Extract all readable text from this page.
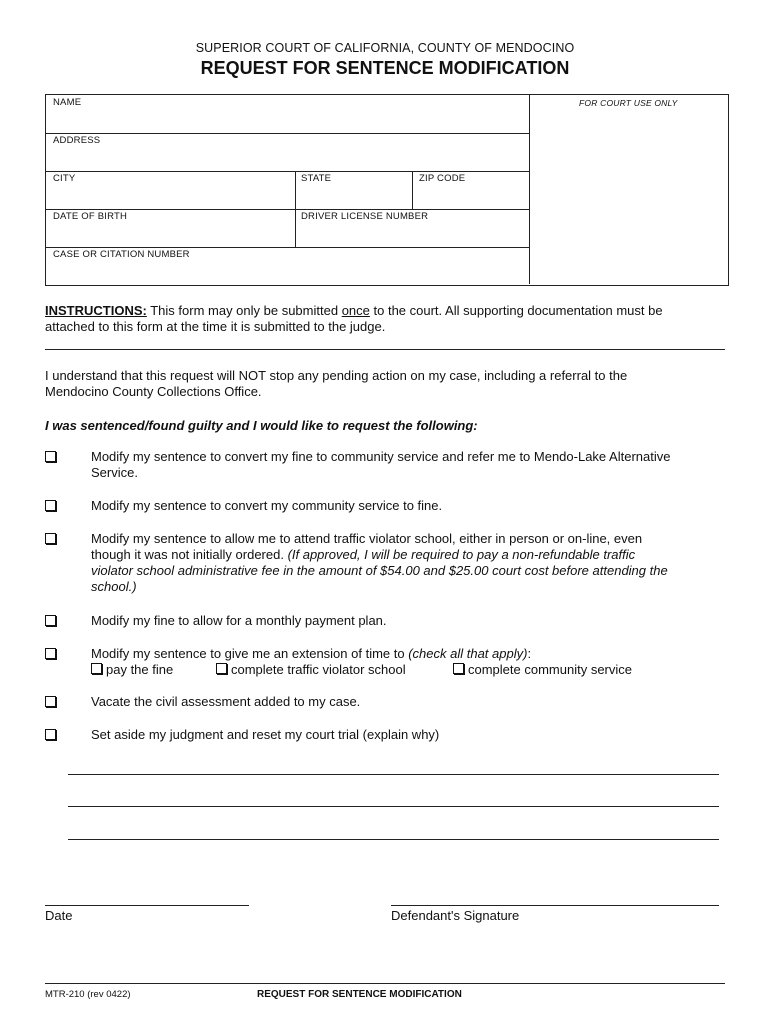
SUPERIOR COURT OF CALIFORNIA, COUNTY OF MENDOCINO
REQUEST FOR SENTENCE MODIFICATION
NAME
ADDRESS
CITY	STATE	ZIP CODE
DATE OF BIRTH	DRIVER LICENSE NUMBER
CASE OR CITATION NUMBER
FOR COURT USE ONLY
INSTRUCTIONS: This form may only be submitted once to the court. All supporting documentation must be
attached to this form at the time it is submitted to the judge.
I understand that this request will NOT stop any pending action on my case, including a referral to the
Mendocino County Collections Office.
I was sentenced/found guilty and I would like to request the following:
Modify my sentence to convert my fine to community service and refer me to Mendo-Lake Alternative
Service.
Modify my sentence to convert my community service to fine.
Modify my sentence to allow me to attend traffic violator school, either in person or on-line, even
though it was not initially ordered. (If approved, I will be required to pay a non-refundable traffic
violator school administrative fee in the amount of $54.00 and $25.00 court cost before attending the
school.)
Modify my fine to allow for a monthly payment plan.
Modify my sentence to give me an extension of time to (check all that apply):
pay the fine	complete traffic violator school	complete community service
Vacate the civil assessment added to my case.
Set aside my judgment and reset my court trial (explain why)
Date	Defendant's Signature
MTR-210 (rev 0422)	REQUEST FOR SENTENCE MODIFICATION
